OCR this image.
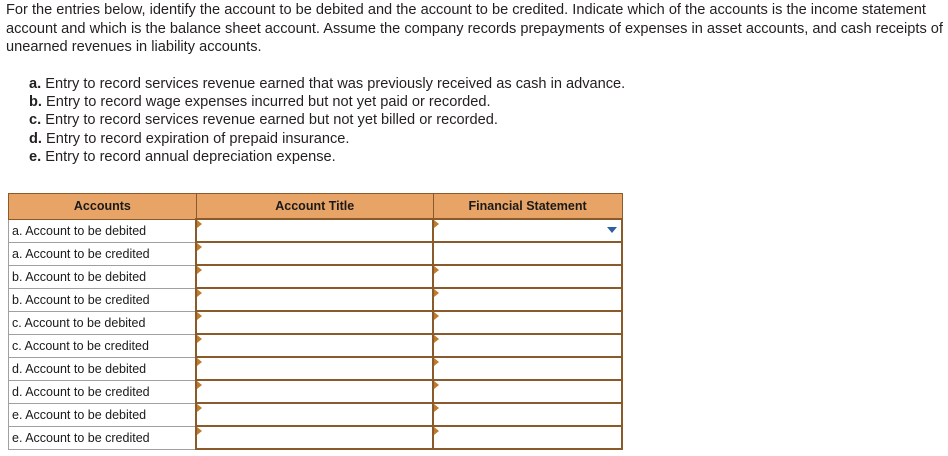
For the entries below, identify the account to be debited and the account to be credited. Indicate which of the accounts is the income statement account and which is the balance sheet account. Assume the company records prepayments of expenses in asset accounts, and cash receipts of unearned revenues in liability accounts.

a. Entry to record services revenue earned that was previously received as cash in advance.
b. Entry to record wage expenses incurred but not yet paid or recorded.
c. Entry to record services revenue earned but not yet billed or recorded.
d. Entry to record expiration of prepaid insurance.
e. Entry to record annual depreciation expense.
Accounts	Account Title	Financial Statement
a. Account to be debited	

a. Account to be credited	

b. Account to be debited	

b. Account to be credited	

c. Account to be debited	

c. Account to be credited	

d. Account to be debited	

d. Account to be credited	

e. Account to be debited	

e. Account to be credited	
